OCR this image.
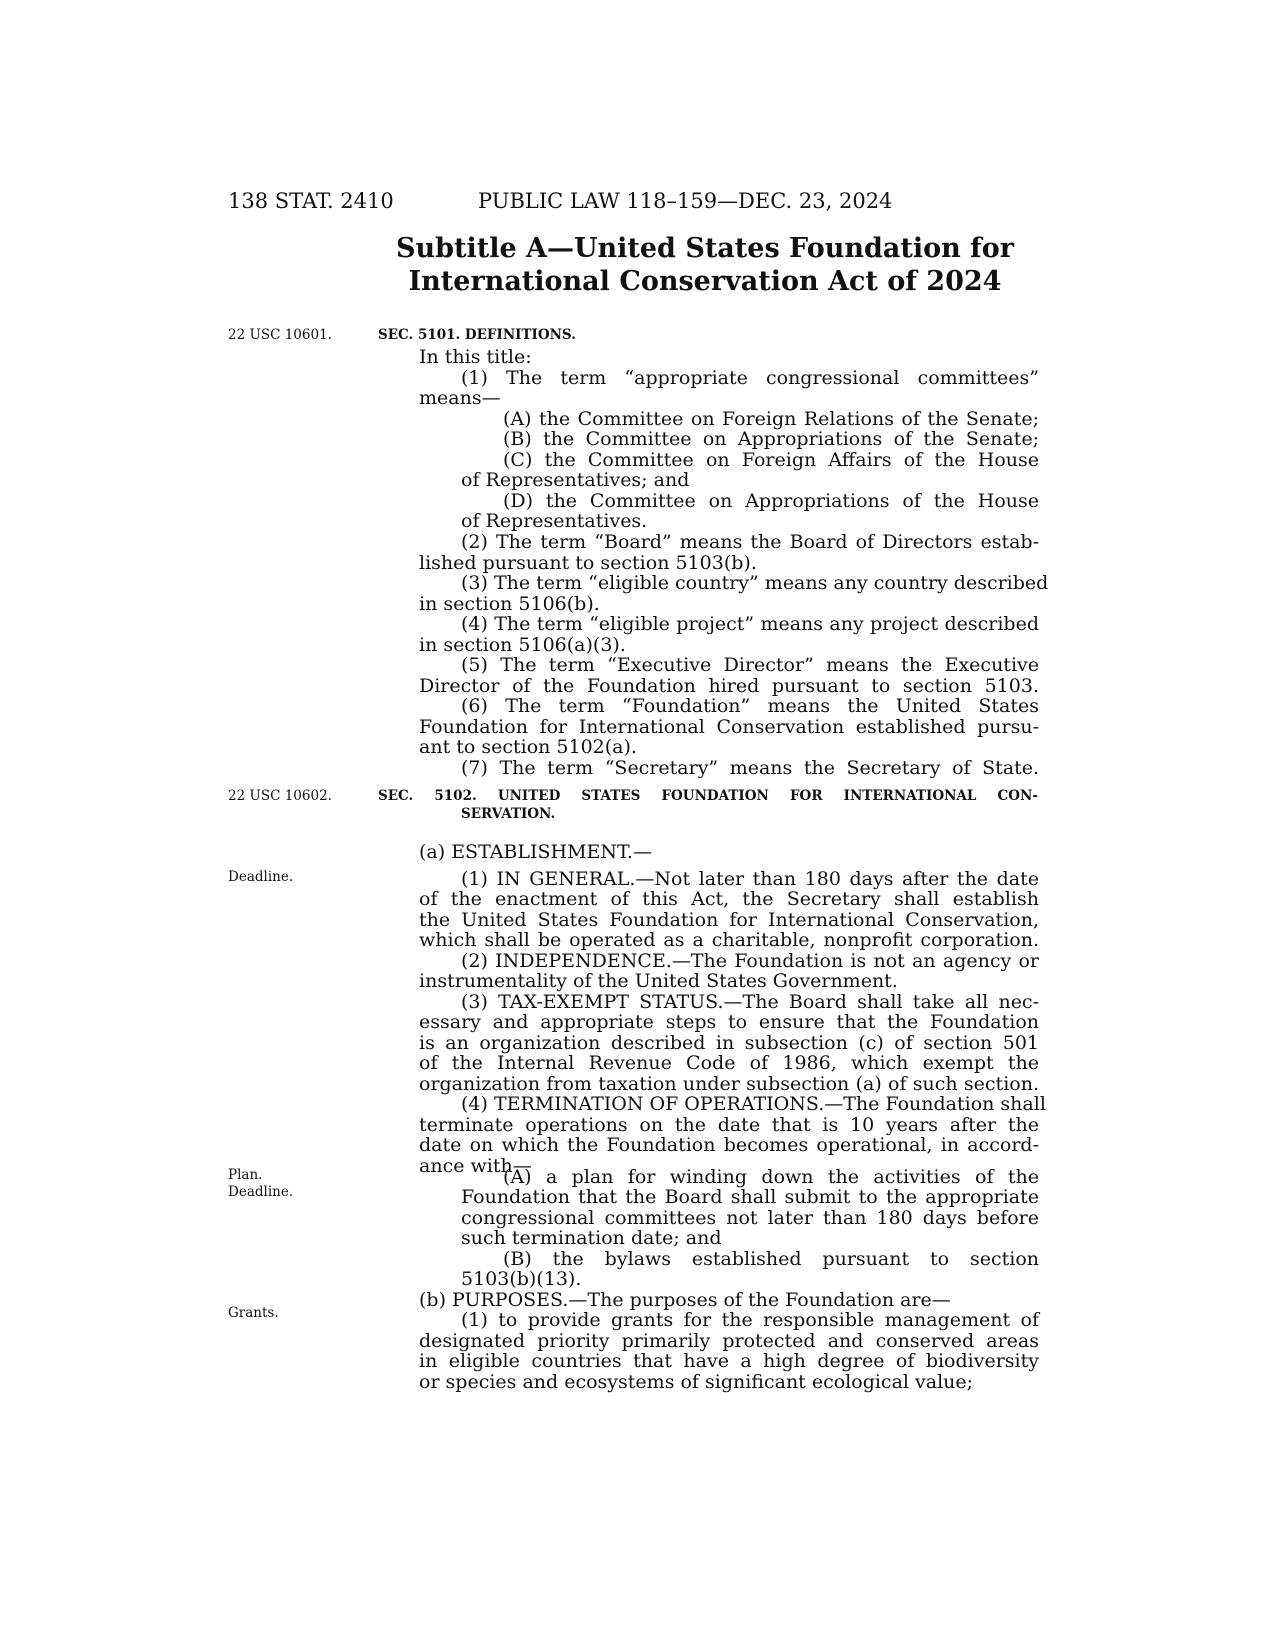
138 STAT. 2410	PUBLIC LAW 118–159—DEC. 23, 2024
Subtitle A—United States Foundation for
International Conservation Act of 2024
22 USC 10601.
22 USC 10602.
Deadline.
Plan.
Deadline.
Grants.
SEC. 5101. DEFINITIONS.
In this title:
(1) The term “appropriate congressional committees”
means—
(A) the Committee on Foreign Relations of the Senate;
(B) the Committee on Appropriations of the Senate;
(C) the Committee on Foreign Affairs of the House
of Representatives; and
(D) the Committee on Appropriations of the House
of Representatives.
(2) The term “Board” means the Board of Directors estab-
lished pursuant to section 5103(b).
(3) The term “eligible country” means any country described
in section 5106(b).
(4) The term “eligible project” means any project described
in section 5106(a)(3).
(5) The term “Executive Director” means the Executive
Director of the Foundation hired pursuant to section 5103.
(6) The term “Foundation” means the United States
Foundation for International Conservation established pursu-
ant to section 5102(a).
(7) The term “Secretary” means the Secretary of State.
SEC. 5102. UNITED STATES FOUNDATION FOR INTERNATIONAL CON-
SERVATION.
(a) ESTABLISHMENT.—
(1) IN GENERAL.—Not later than 180 days after the date
of the enactment of this Act, the Secretary shall establish
the United States Foundation for International Conservation,
which shall be operated as a charitable, nonprofit corporation.
(2) INDEPENDENCE.—The Foundation is not an agency or
instrumentality of the United States Government.
(3) TAX-EXEMPT STATUS.—The Board shall take all nec-
essary and appropriate steps to ensure that the Foundation
is an organization described in subsection (c) of section 501
of the Internal Revenue Code of 1986, which exempt the
organization from taxation under subsection (a) of such section.
(4) TERMINATION OF OPERATIONS.—The Foundation shall
terminate operations on the date that is 10 years after the
date on which the Foundation becomes operational, in accord-
ance with—
(A) a plan for winding down the activities of the
Foundation that the Board shall submit to the appropriate
congressional committees not later than 180 days before
such termination date; and
(B) the bylaws established pursuant to section
5103(b)(13).
(b) PURPOSES.—The purposes of the Foundation are—
(1) to provide grants for the responsible management of
designated priority primarily protected and conserved areas
in eligible countries that have a high degree of biodiversity
or species and ecosystems of significant ecological value;
